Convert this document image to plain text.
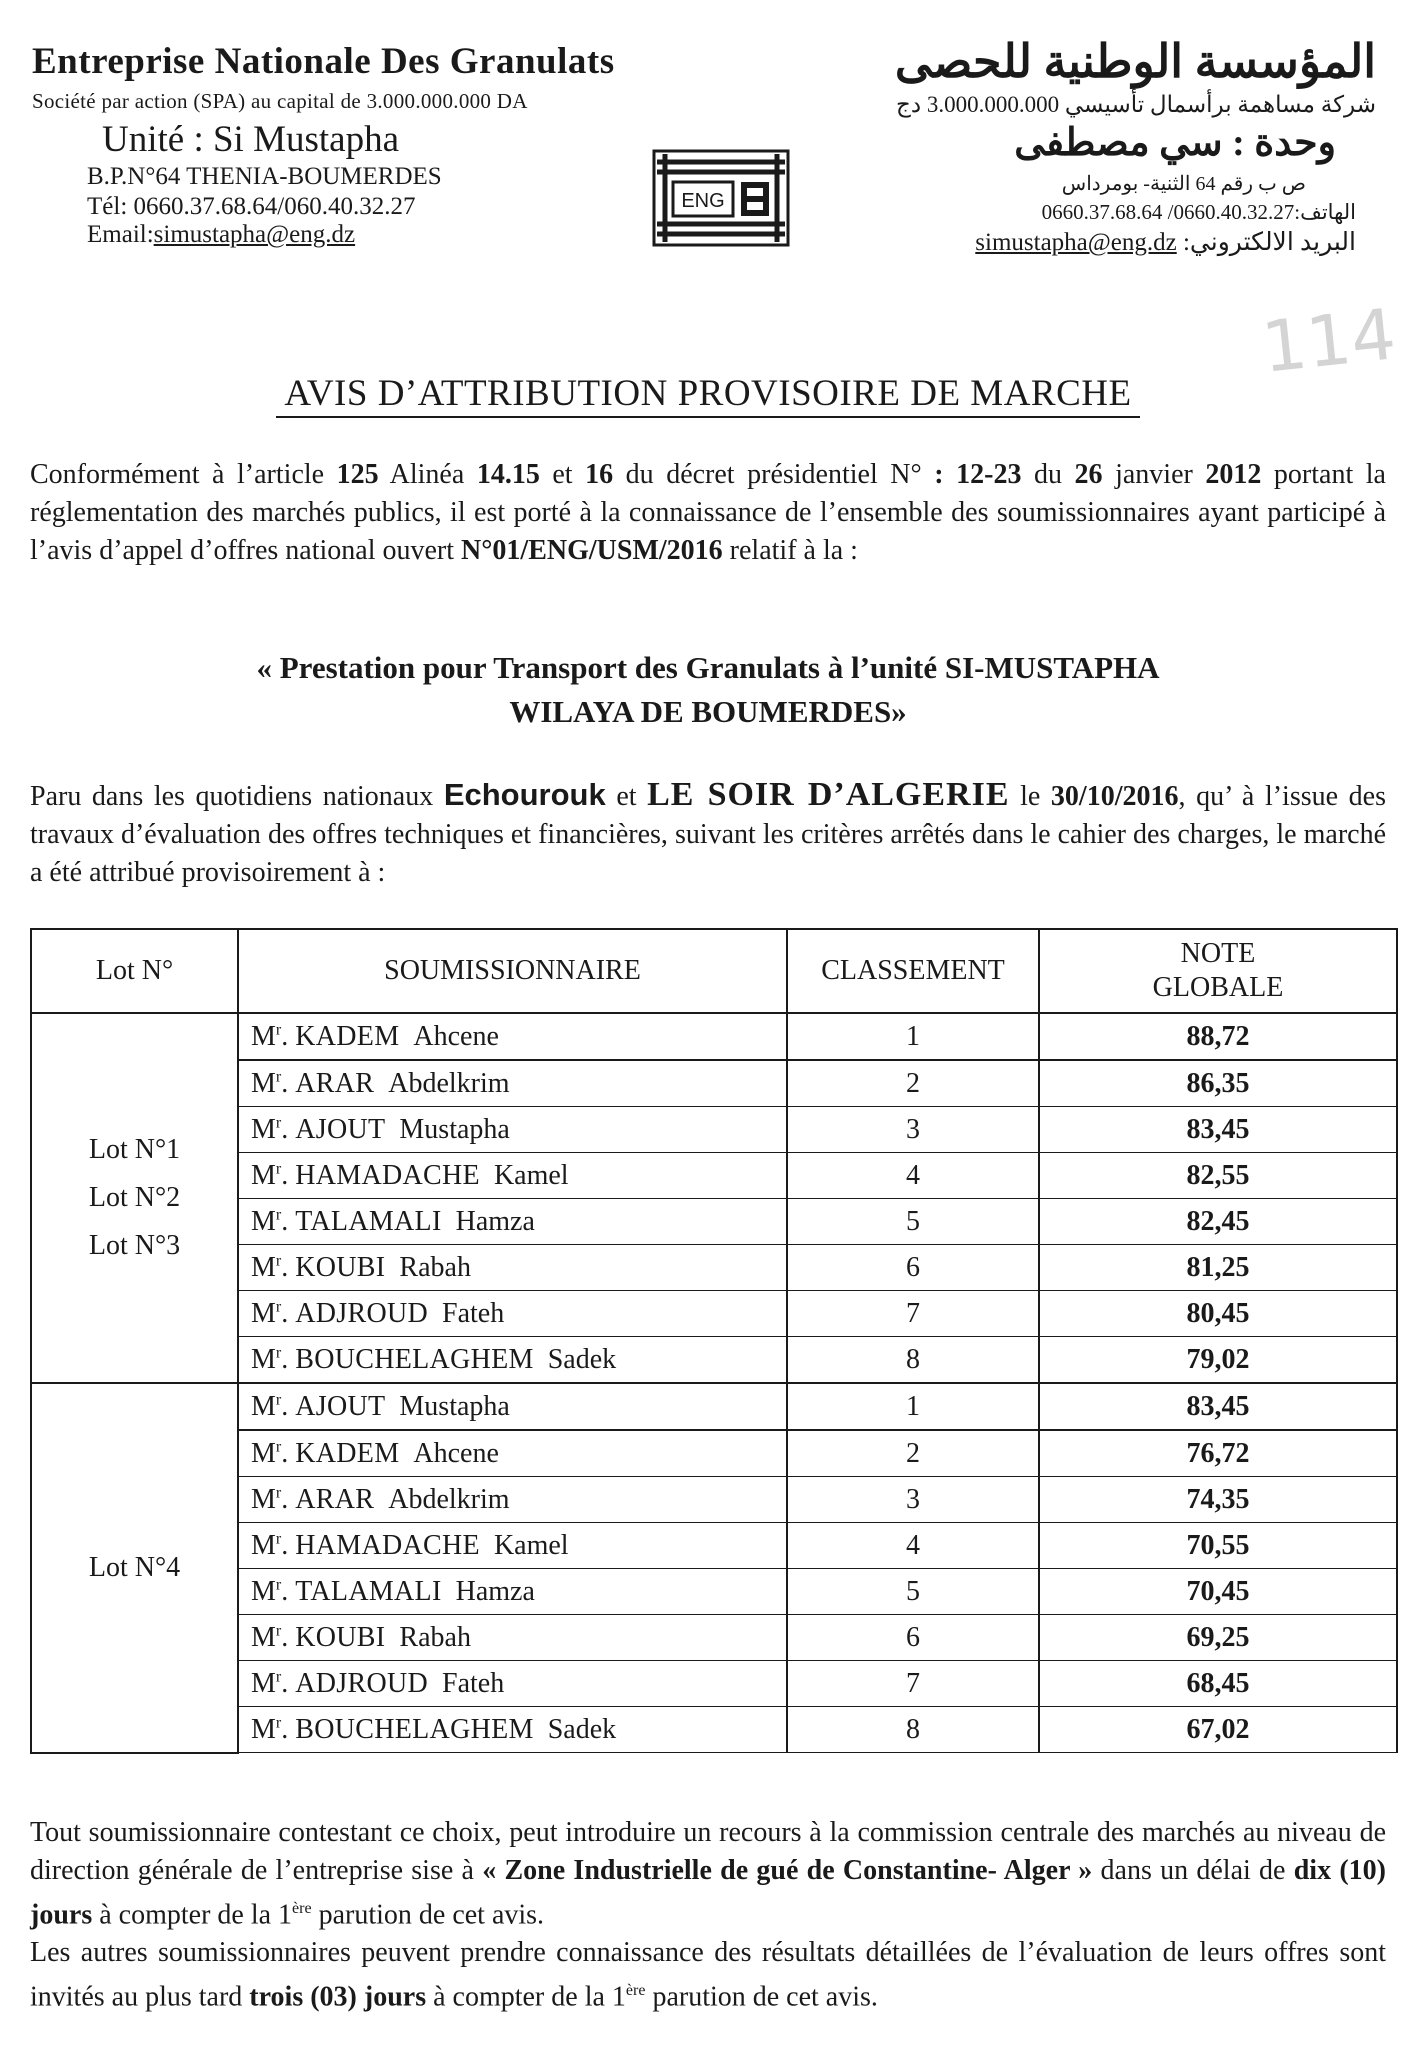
Entreprise Nationale Des Granulats
Société par action (SPA) au capital de 3.000.000.000 DA
Unité : Si Mustapha
B.P.N°64 THENIA-BOUMERDES
Tél: 0660.37.68.64/060.40.32.27
Email:simustapha@eng.dz
ENG
المؤسسة الوطنية للحصى
شركة مساهمة برأسمال تأسيسي 3.000.000.000 دج
وحدة : سي مصطفى
ص ب رقم 64 الثنية- بومرداس
الهاتف:0660.37.68.64 /0660.40.32.27
البريد الالكتروني: simustapha@eng.dz
114
AVIS D’ATTRIBUTION PROVISOIRE DE MARCHE
Conformément à l’article 125 Alinéa 14.15 et 16 du décret présidentiel N° : 12-23 du 26 janvier 2012 portant la réglementation des marchés publics, il est porté à la connaissance de l’ensemble des soumissionnaires ayant participé à l’avis d’appel d’offres national ouvert N°01/ENG/USM/2016 relatif à la :
« Prestation pour Transport des Granulats à l’unité SI-MUSTAPHA
WILAYA DE BOUMERDES»
Paru dans les quotidiens nationaux Echourouk et LE SOIR D’ALGERIE le 30/10/2016, qu’ à l’issue des travaux d’évaluation des offres techniques et financières, suivant les critères arrêtés dans le cahier des charges, le marché a été attribué provisoirement à :
Lot N°	SOUMISSIONNAIRE	CLASSEMENT	NOTE
GLOBALE

Lot N°1
Lot N°2
Lot N°3	$M^r$. KADEM Ahcene	1	88,72
	$M^r$. ARAR Abdelkrim	2	86,35
	$M^r$. AJOUT Mustapha	3	83,45
	$M^r$. HAMADACHE Kamel	4	82,55
	$M^r$. TALAMALI Hamza	5	82,45
	$M^r$. KOUBI Rabah	6	81,25
	$M^r$. ADJROUD Fateh	7	80,45
	$M^r$. BOUCHELAGHEM Sadek	8	79,02

Lot N°4	$M^r$. AJOUT Mustapha	1	83,45
	$M^r$. KADEM Ahcene	2	76,72
	$M^r$. ARAR Abdelkrim	3	74,35
	$M^r$. HAMADACHE Kamel	4	70,55
	$M^r$. TALAMALI Hamza	5	70,45
	$M^r$. KOUBI Rabah	6	69,25
	$M^r$. ADJROUD Fateh	7	68,45
	$M^r$. BOUCHELAGHEM Sadek	8	67,02
Tout soumissionnaire contestant ce choix, peut introduire un recours à la commission centrale des marchés au niveau de direction générale de l’entreprise sise à « Zone Industrielle de gué de Constantine- Alger » dans un délai de dix (10) jours à compter de la 1ère parution de cet avis.
Les autres soumissionnaires peuvent prendre connaissance des résultats détaillées de l’évaluation de leurs offres sont invités au plus tard trois (03) jours à compter de la 1ère parution de cet avis.
